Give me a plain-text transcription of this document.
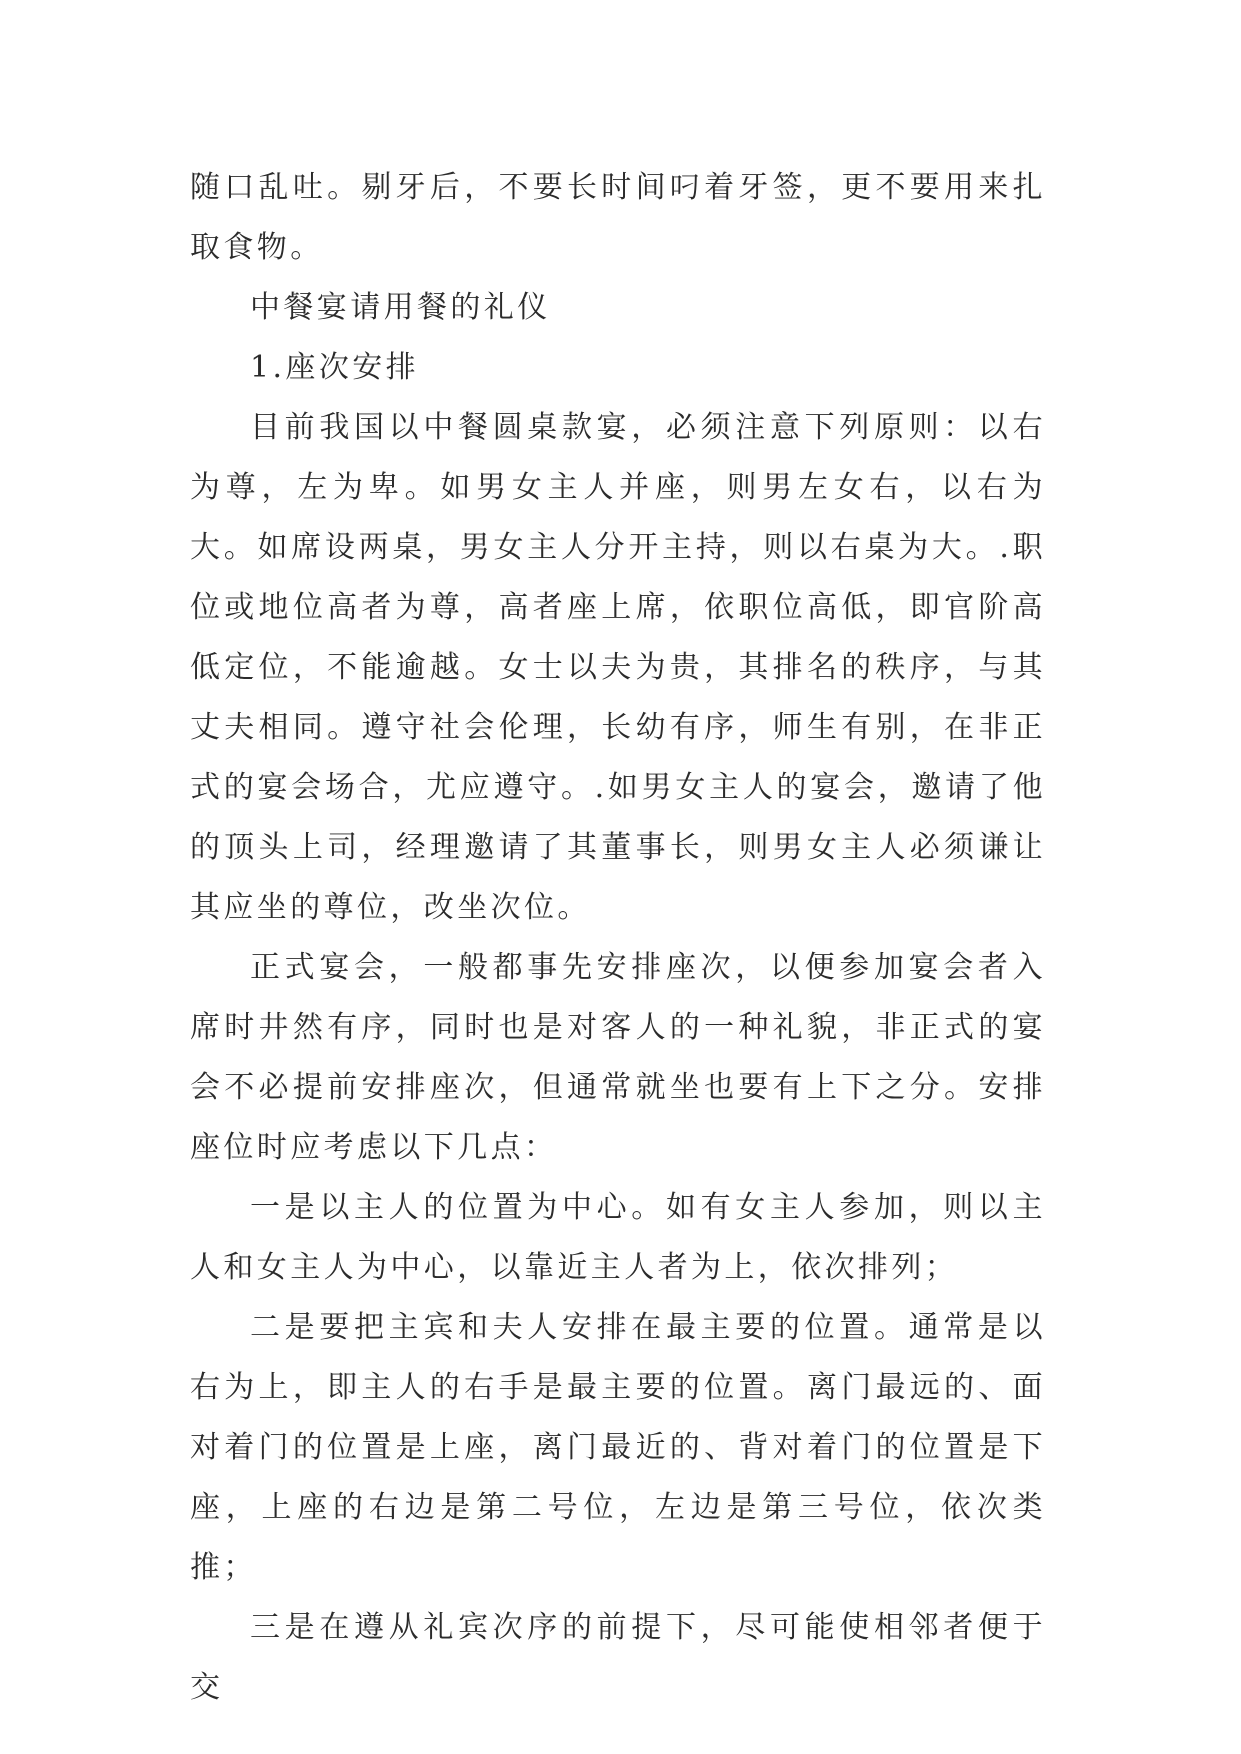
随口乱吐。剔牙后，不要长时间叼着牙签，更不要用来扎取食物。

中餐宴请用餐的礼仪

1.座次安排

目前我国以中餐圆桌款宴，必须注意下列原则：以右为尊，左为卑。如男女主人并座，则男左女右，以右为大。如席设两桌，男女主人分开主持，则以右桌为大。.职位或地位高者为尊，高者座上席，依职位高低，即官阶高低定位，不能逾越。女士以夫为贵，其排名的秩序，与其丈夫相同。遵守社会伦理，长幼有序，师生有别，在非正式的宴会场合，尤应遵守。.如男女主人的宴会，邀请了他的顶头上司，经理邀请了其董事长，则男女主人必须谦让其应坐的尊位，改坐次位。

正式宴会，一般都事先安排座次，以便参加宴会者入席时井然有序，同时也是对客人的一种礼貌，非正式的宴会不必提前安排座次，但通常就坐也要有上下之分。安排座位时应考虑以下几点：

一是以主人的位置为中心。如有女主人参加，则以主人和女主人为中心，以靠近主人者为上，依次排列；

二是要把主宾和夫人安排在最主要的位置。通常是以右为上，即主人的右手是最主要的位置。离门最远的、面对着门的位置是上座，离门最近的、背对着门的位置是下座，上座的右边是第二号位，左边是第三号位，依次类推；

三是在遵从礼宾次序的前提下，尽可能使相邻者便于交
